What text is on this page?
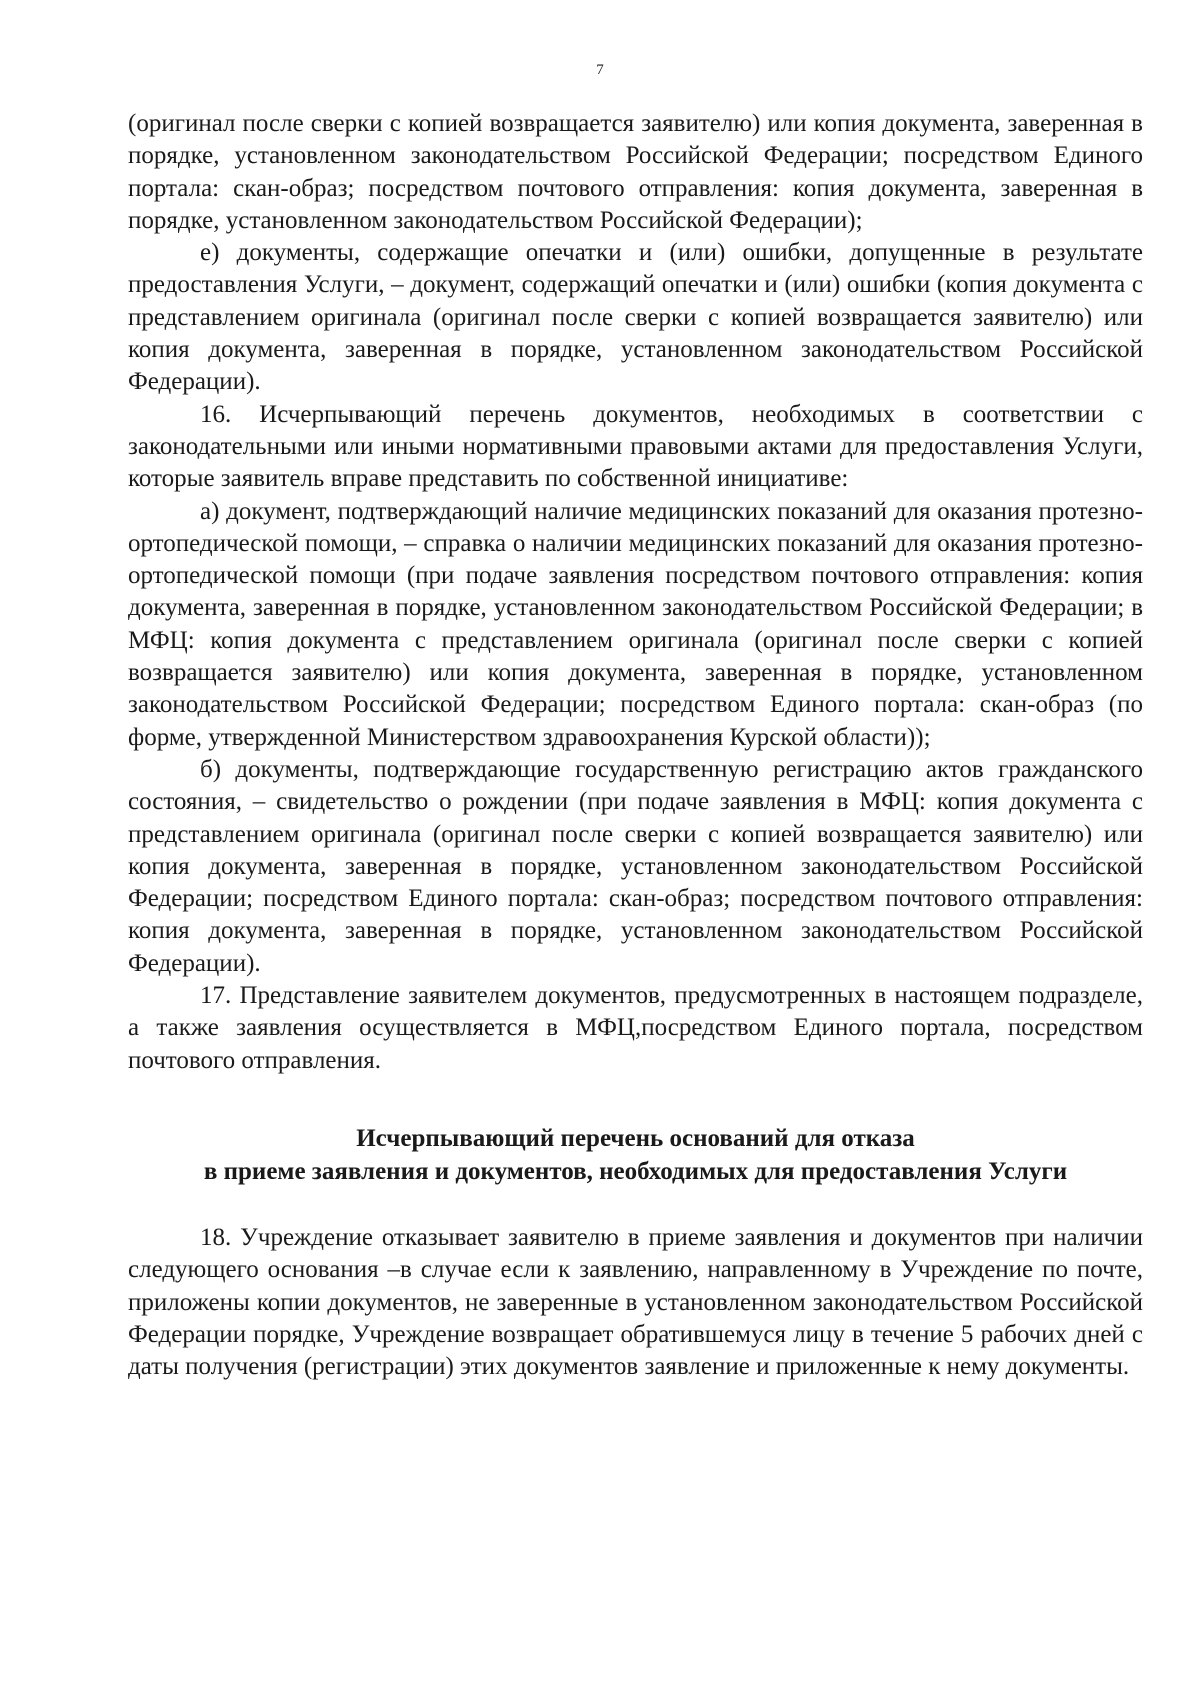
7

(оригинал после сверки с копией возвращается заявителю) или копия документа, заверенная в порядке, установленном законодательством Российской Федерации; посредством Единого портала: скан-образ; посредством почтового отправления: копия документа, заверенная в порядке, установленном законодательством Российской Федерации);

е) документы, содержащие опечатки и (или) ошибки, допущенные в результате предоставления Услуги, – документ, содержащий опечатки и (или) ошибки (копия документа с представлением оригинала (оригинал после сверки с копией возвращается заявителю) или копия документа, заверенная в порядке, установленном законодательством Российской Федерации).

16. Исчерпывающий перечень документов, необходимых в соответствии с законодательными или иными нормативными правовыми актами для предоставления Услуги, которые заявитель вправе представить по собственной инициативе:

а) документ, подтверждающий наличие медицинских показаний для оказания протезно-ортопедической помощи, – справка о наличии медицинских показаний для оказания протезно-ортопедической помощи (при подаче заявления посредством почтового отправления: копия документа, заверенная в порядке, установленном законодательством Российской Федерации; в МФЦ: копия документа с представлением оригинала (оригинал после сверки с копией возвращается заявителю) или копия документа, заверенная в порядке, установленном законодательством Российской Федерации; посредством Единого портала: скан-образ (по форме, утвержденной Министерством здравоохранения Курской области));

б) документы, подтверждающие государственную регистрацию актов гражданского состояния, – свидетельство о рождении (при подаче заявления в МФЦ: копия документа с представлением оригинала (оригинал после сверки с копией возвращается заявителю) или копия документа, заверенная в порядке, установленном законодательством Российской Федерации; посредством Единого портала: скан-образ; посредством почтового отправления: копия документа, заверенная в порядке, установленном законодательством Российской Федерации).

17. Представление заявителем документов, предусмотренных в настоящем подразделе, а также заявления осуществляется в МФЦ,посредством Единого портала, посредством почтового отправления.

Исчерпывающий перечень оснований для отказа
в приеме заявления и документов, необходимых для предоставления Услуги

18. Учреждение отказывает заявителю в приеме заявления и документов при наличии следующего основания –в случае если к заявлению, направленному в Учреждение по почте, приложены копии документов, не заверенные в установленном законодательством Российской Федерации порядке, Учреждение возвращает обратившемуся лицу в течение 5 рабочих дней с даты получения (регистрации) этих документов заявление и приложенные к нему документы.
